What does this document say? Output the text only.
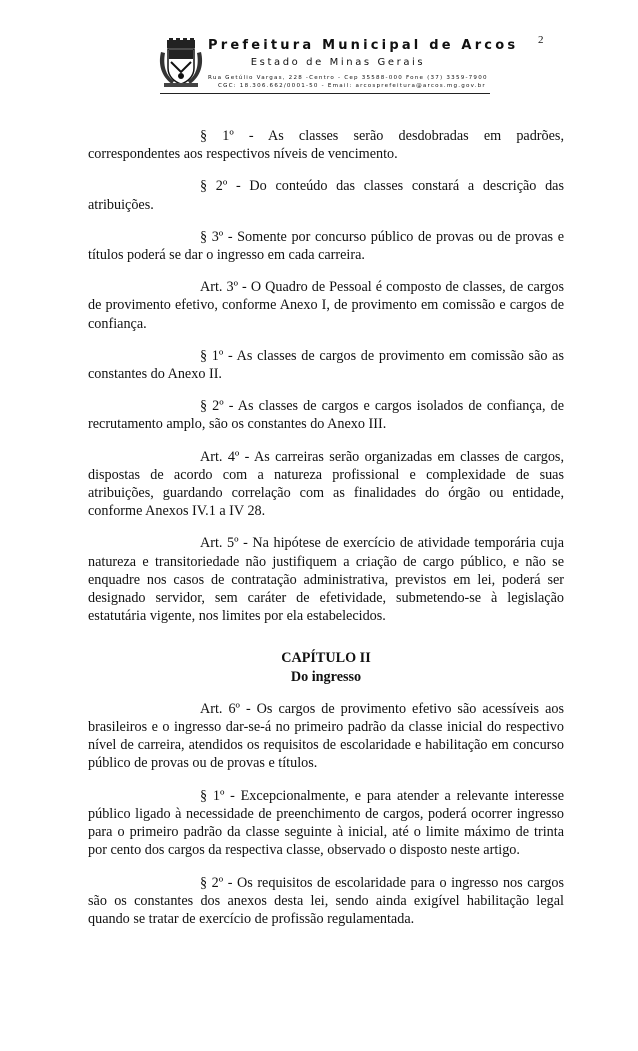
2
Prefeitura Municipal de Arcos
Estado de Minas Gerais
Rua Getúlio Vargas, 228 -Centro - Cep 35588-000 Fone (37) 3359-7900
CGC: 18.306.662/0001-50 - Email: arcosprefeitura@arcos.mg.gov.br

§ 1º - As classes serão desdobradas em padrões, correspondentes aos respectivos níveis de vencimento.

§ 2º - Do conteúdo das classes constará a descrição das atribuições.

§ 3º - Somente por concurso público de provas ou de provas e títulos poderá se dar o ingresso em cada carreira.

Art. 3º - O Quadro de Pessoal é composto de classes, de cargos de provimento efetivo, conforme Anexo I, de provimento em comissão e cargos de confiança.

§ 1º - As classes de cargos de provimento em comissão são as constantes do Anexo II.

§ 2º - As classes de cargos e cargos isolados de confiança, de recrutamento amplo, são os constantes do Anexo III.

Art. 4º - As carreiras serão organizadas em classes de cargos, dispostas de acordo com a natureza profissional e complexidade de suas atribuições, guardando correlação com as finalidades do órgão ou entidade, conforme Anexos IV.1 a IV 28.

Art. 5º - Na hipótese de exercício de atividade temporária cuja natureza e transitoriedade não justifiquem a criação de cargo público, e não se enquadre nos casos de contratação administrativa, previstos em lei, poderá ser designado servidor, sem caráter de efetividade, submetendo-se à legislação estatutária vigente, nos limites por ela estabelecidos.

CAPÍTULO II
Do ingresso

Art. 6º - Os cargos de provimento efetivo são acessíveis aos brasileiros e o ingresso dar-se-á no primeiro padrão da classe inicial do respectivo nível de carreira, atendidos os requisitos de escolaridade e habilitação em concurso público de provas ou de provas e títulos.

§ 1º - Excepcionalmente, e para atender a relevante interesse público ligado à necessidade de preenchimento de cargos, poderá ocorrer ingresso para o primeiro padrão da classe seguinte à inicial, até o limite máximo de trinta por cento dos cargos da respectiva classe, observado o disposto neste artigo.

§ 2º - Os requisitos de escolaridade para o ingresso nos cargos são os constantes dos anexos desta lei, sendo ainda exigível habilitação legal quando se tratar de exercício de profissão regulamentada.
